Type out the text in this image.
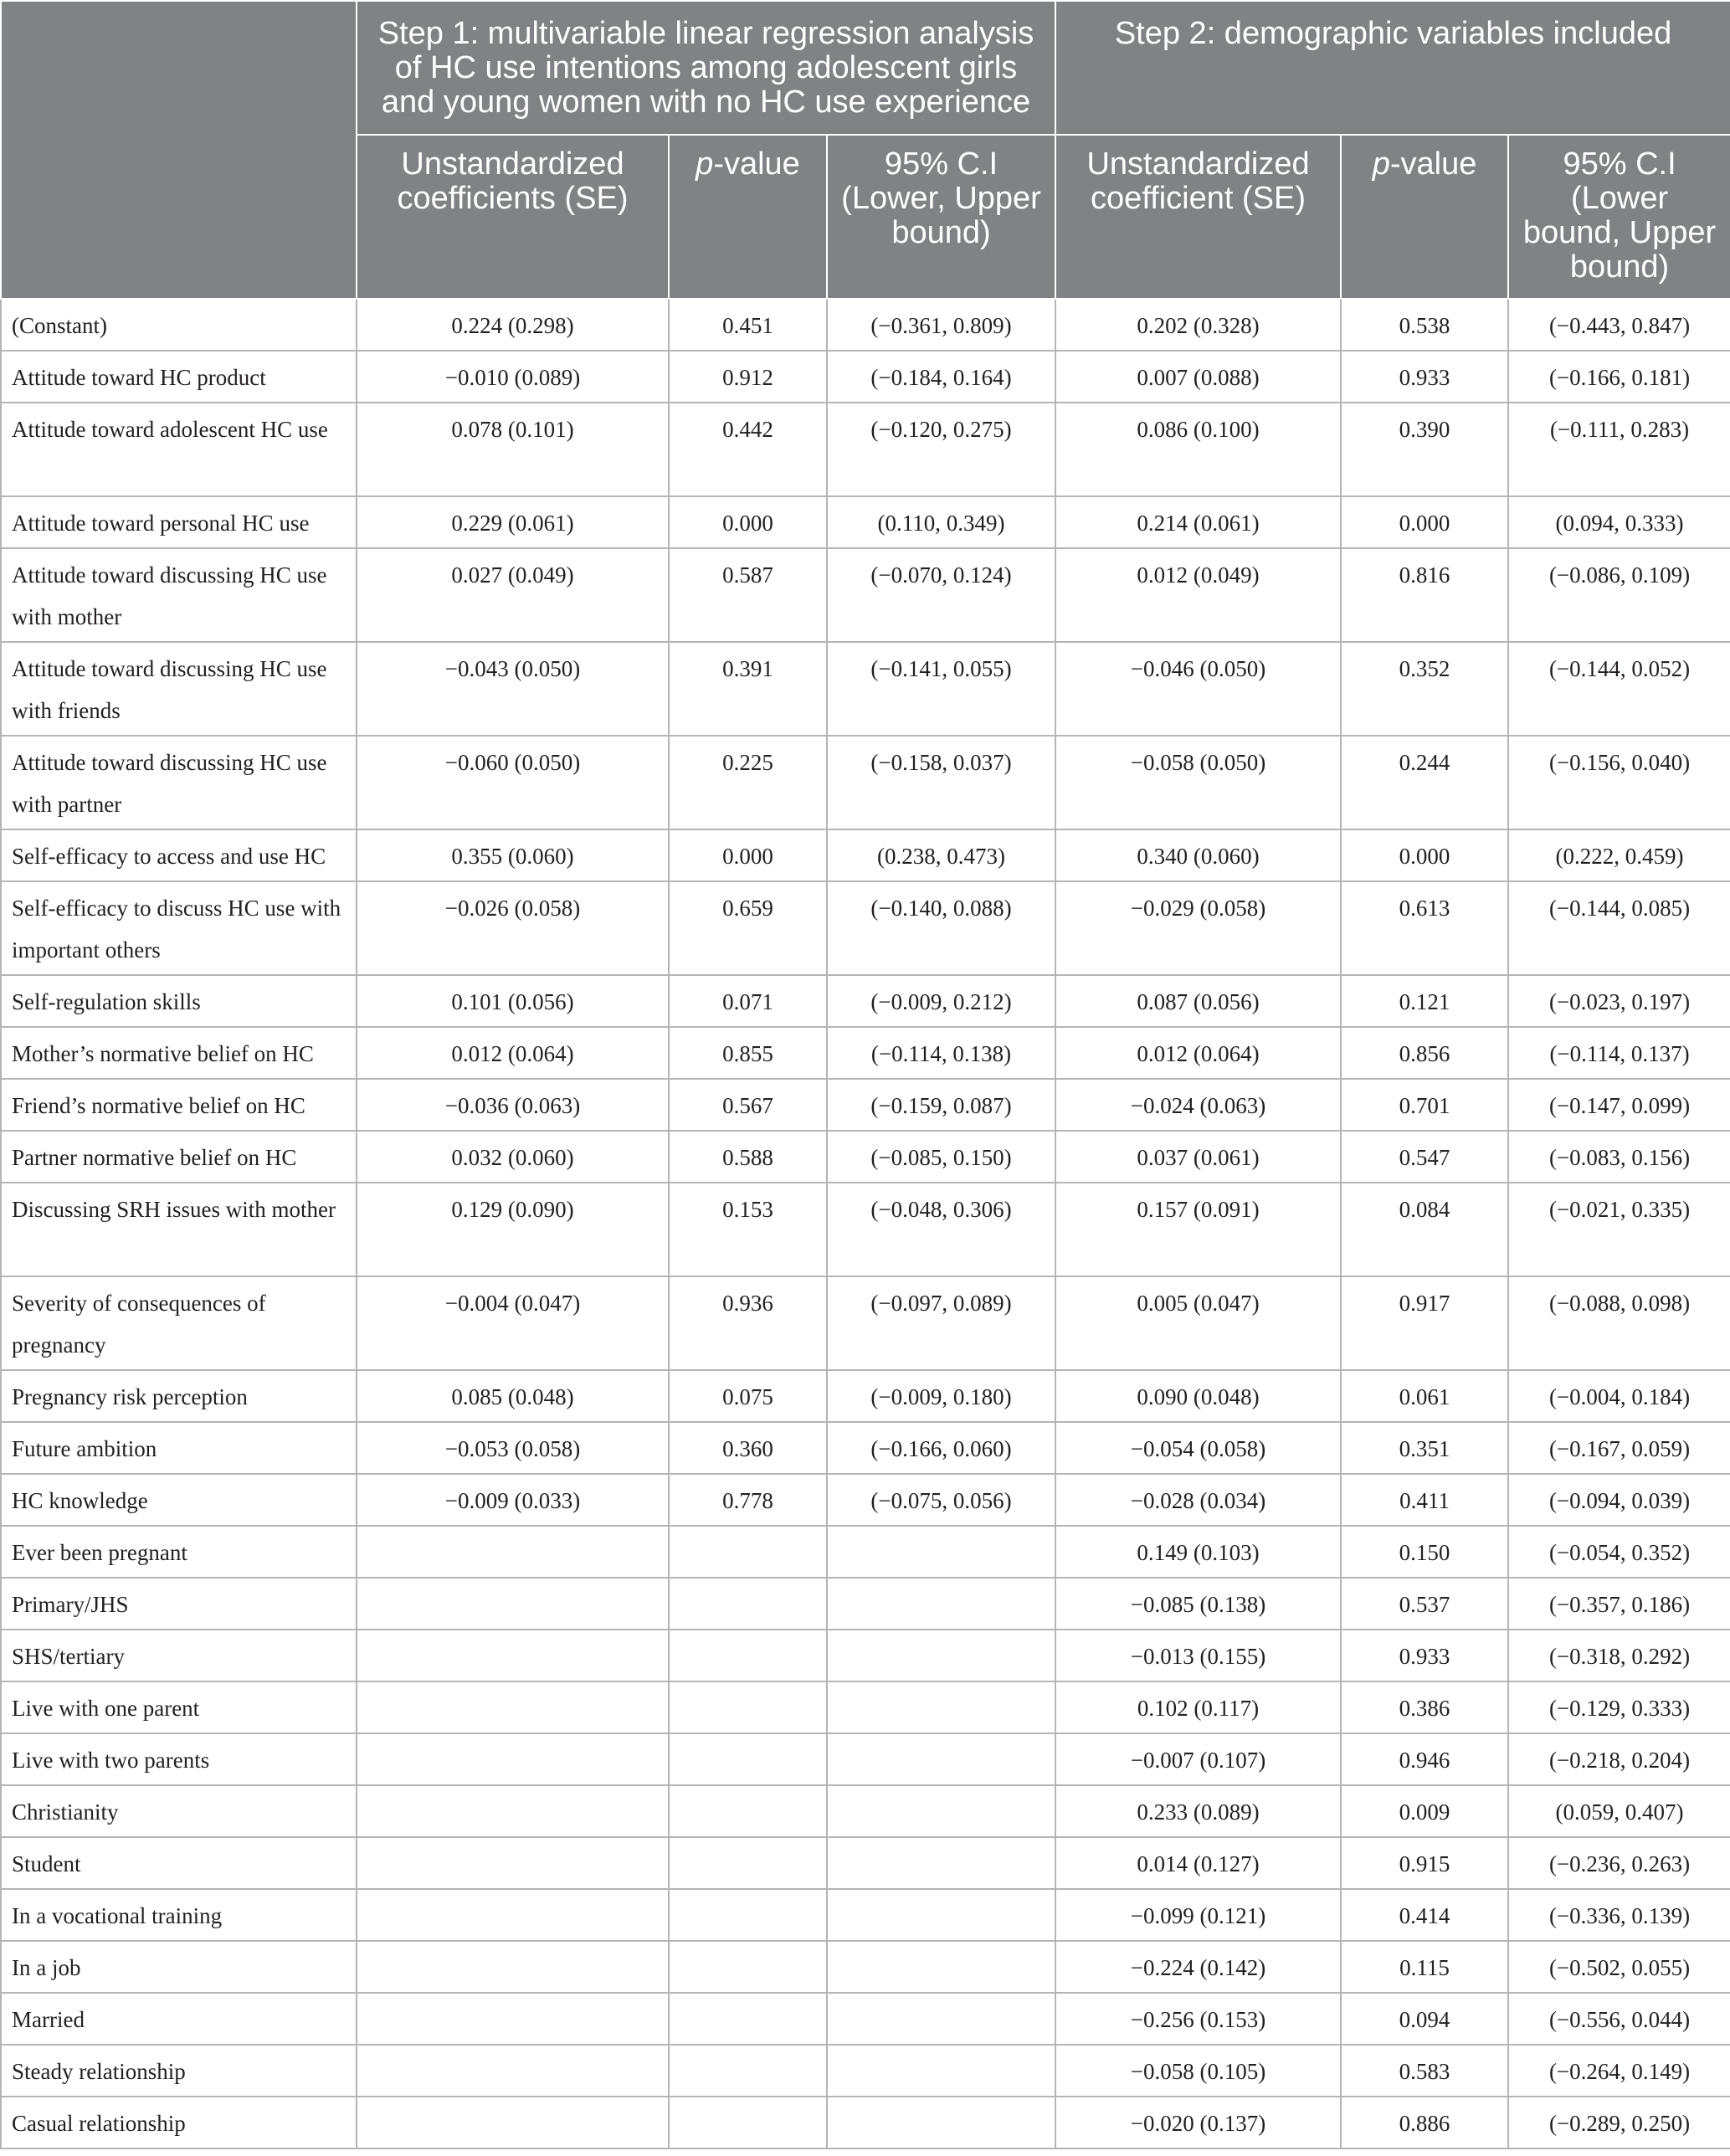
	Step 1: multivariable linear regression analysis of HC use intentions among adolescent girls and young women with no HC use experience			Step 2: demographic variables included		
	Unstandardized coefficients (SE)	p-value	95% C.I (Lower, Upper bound)	Unstandardized coefficient (SE)	p-value	95% C.I (Lower bound, Upper bound)
(Constant)	0.224 (0.298)	0.451	(−0.361, 0.809)	0.202 (0.328)	0.538	(−0.443, 0.847)
Attitude toward HC product	−0.010 (0.089)	0.912	(−0.184, 0.164)	0.007 (0.088)	0.933	(−0.166, 0.181)
Attitude toward adolescent HC use	0.078 (0.101)	0.442	(−0.120, 0.275)	0.086 (0.100)	0.390	(−0.111, 0.283)
Attitude toward personal HC use	0.229 (0.061)	0.000	(0.110, 0.349)	0.214 (0.061)	0.000	(0.094, 0.333)
Attitude toward discussing HC use with mother	0.027 (0.049)	0.587	(−0.070, 0.124)	0.012 (0.049)	0.816	(−0.086, 0.109)
Attitude toward discussing HC use with friends	−0.043 (0.050)	0.391	(−0.141, 0.055)	−0.046 (0.050)	0.352	(−0.144, 0.052)
Attitude toward discussing HC use with partner	−0.060 (0.050)	0.225	(−0.158, 0.037)	−0.058 (0.050)	0.244	(−0.156, 0.040)
Self-efficacy to access and use HC	0.355 (0.060)	0.000	(0.238, 0.473)	0.340 (0.060)	0.000	(0.222, 0.459)
Self-efficacy to discuss HC use with important others	−0.026 (0.058)	0.659	(−0.140, 0.088)	−0.029 (0.058)	0.613	(−0.144, 0.085)
Self-regulation skills	0.101 (0.056)	0.071	(−0.009, 0.212)	0.087 (0.056)	0.121	(−0.023, 0.197)
Mother’s normative belief on HC	0.012 (0.064)	0.855	(−0.114, 0.138)	0.012 (0.064)	0.856	(−0.114, 0.137)
Friend’s normative belief on HC	−0.036 (0.063)	0.567	(−0.159, 0.087)	−0.024 (0.063)	0.701	(−0.147, 0.099)
Partner normative belief on HC	0.032 (0.060)	0.588	(−0.085, 0.150)	0.037 (0.061)	0.547	(−0.083, 0.156)
Discussing SRH issues with mother	0.129 (0.090)	0.153	(−0.048, 0.306)	0.157 (0.091)	0.084	(−0.021, 0.335)
Severity of consequences of pregnancy	−0.004 (0.047)	0.936	(−0.097, 0.089)	0.005 (0.047)	0.917	(−0.088, 0.098)
Pregnancy risk perception	0.085 (0.048)	0.075	(−0.009, 0.180)	0.090 (0.048)	0.061	(−0.004, 0.184)
Future ambition	−0.053 (0.058)	0.360	(−0.166, 0.060)	−0.054 (0.058)	0.351	(−0.167, 0.059)
HC knowledge	−0.009 (0.033)	0.778	(−0.075, 0.056)	−0.028 (0.034)	0.411	(−0.094, 0.039)
Ever been pregnant				0.149 (0.103)	0.150	(−0.054, 0.352)
Primary/JHS				−0.085 (0.138)	0.537	(−0.357, 0.186)
SHS/tertiary				−0.013 (0.155)	0.933	(−0.318, 0.292)
Live with one parent				0.102 (0.117)	0.386	(−0.129, 0.333)
Live with two parents				−0.007 (0.107)	0.946	(−0.218, 0.204)
Christianity				0.233 (0.089)	0.009	(0.059, 0.407)
Student				0.014 (0.127)	0.915	(−0.236, 0.263)
In a vocational training				−0.099 (0.121)	0.414	(−0.336, 0.139)
In a job				−0.224 (0.142)	0.115	(−0.502, 0.055)
Married				−0.256 (0.153)	0.094	(−0.556, 0.044)
Steady relationship				−0.058 (0.105)	0.583	(−0.264, 0.149)
Casual relationship				−0.020 (0.137)	0.886	(−0.289, 0.250)
